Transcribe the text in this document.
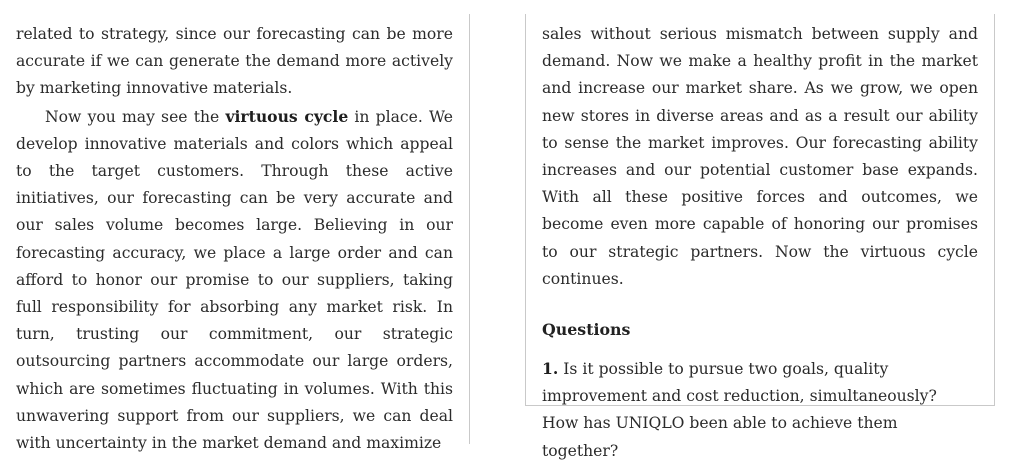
related to strategy, since our forecasting can be more accurate if we can generate the demand more actively by marketing innovative materials.

Now you may see the virtuous cycle in place. We develop innovative materials and colors which appeal to the target customers. Through these active initiatives, our forecasting can be very accurate and our sales volume becomes large. Believing in our forecasting accuracy, we place a large order and can afford to honor our promise to our suppliers, taking full responsibility for absorbing any market risk. In turn, trusting our commitment, our strategic outsourcing partners accommodate our large orders, which are sometimes fluctuating in volumes. With this unwavering support from our suppliers, we can deal with uncertainty in the market demand and maximize

sales without serious mismatch between supply and demand. Now we make a healthy profit in the market and increase our market share. As we grow, we open new stores in diverse areas and as a result our ability to sense the market improves. Our forecasting ability increases and our potential customer base expands. With all these positive forces and outcomes, we become even more capable of honoring our promises to our strategic partners. Now the virtuous cycle continues.

Questions

1. Is it possible to pursue two goals, quality improvement and cost reduction, simultaneously? How has UNIQLO been able to achieve them together?
